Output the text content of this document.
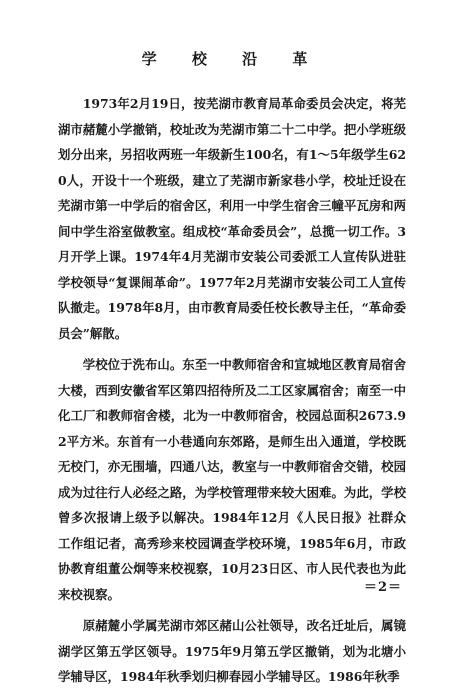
学 校 沿 革

1973年2月19日，按芜湖市教育局革命委员会决定，将芜湖市赭麓小学撤销，校址改为芜湖市第二十二中学。把小学班级划分出来，另招收两班一年级新生100名，有1～5年级学生620人，开设十一个班级，建立了芜湖市新家巷小学，校址迁设在芜湖市第一中学后的宿舍区，利用一中学生宿舍三幢平瓦房和两间中学生浴室做教室。组成校“革命委员会”，总揽一切工作。3月开学上课。1974年4月芜湖市安装公司委派工人宣传队进驻学校领导“复课闹革命”。1977年2月芜湖市安装公司工人宣传队撤走。1978年8月，由市教育局委任校长教导主任，“革命委员会”解散。

学校位于洗布山。东至一中教师宿舍和宣城地区教育局宿舍大楼，西到安徽省军区第四招待所及二工区家属宿舍；南至一中化工厂和教师宿舍楼，北为一中教师宿舍，校园总面积2673.92平方米。东首有一小巷通向东郊路，是师生出入通道，学校既无校门，亦无围墙，四通八达，教室与一中教师宿舍交错，校园成为过往行人必经之路，为学校管理带来较大困难。为此，学校曾多次报请上级予以解决。1984年12月《人民日报》社群众工作组记者，高秀珍来校园调查学校环境，1985年6月，市政协教育组董公炯等来校视察，10月23日区、市人民代表也为此来校视察。

原赭麓小学属芜湖市郊区赭山公社领导，改名迁址后，属镜湖学区第五学区领导。1975年9月第五学区撤销，划为北塘小学辅导区，1984年秋季划归柳春园小学辅导区。1986年秋季

＝2＝
